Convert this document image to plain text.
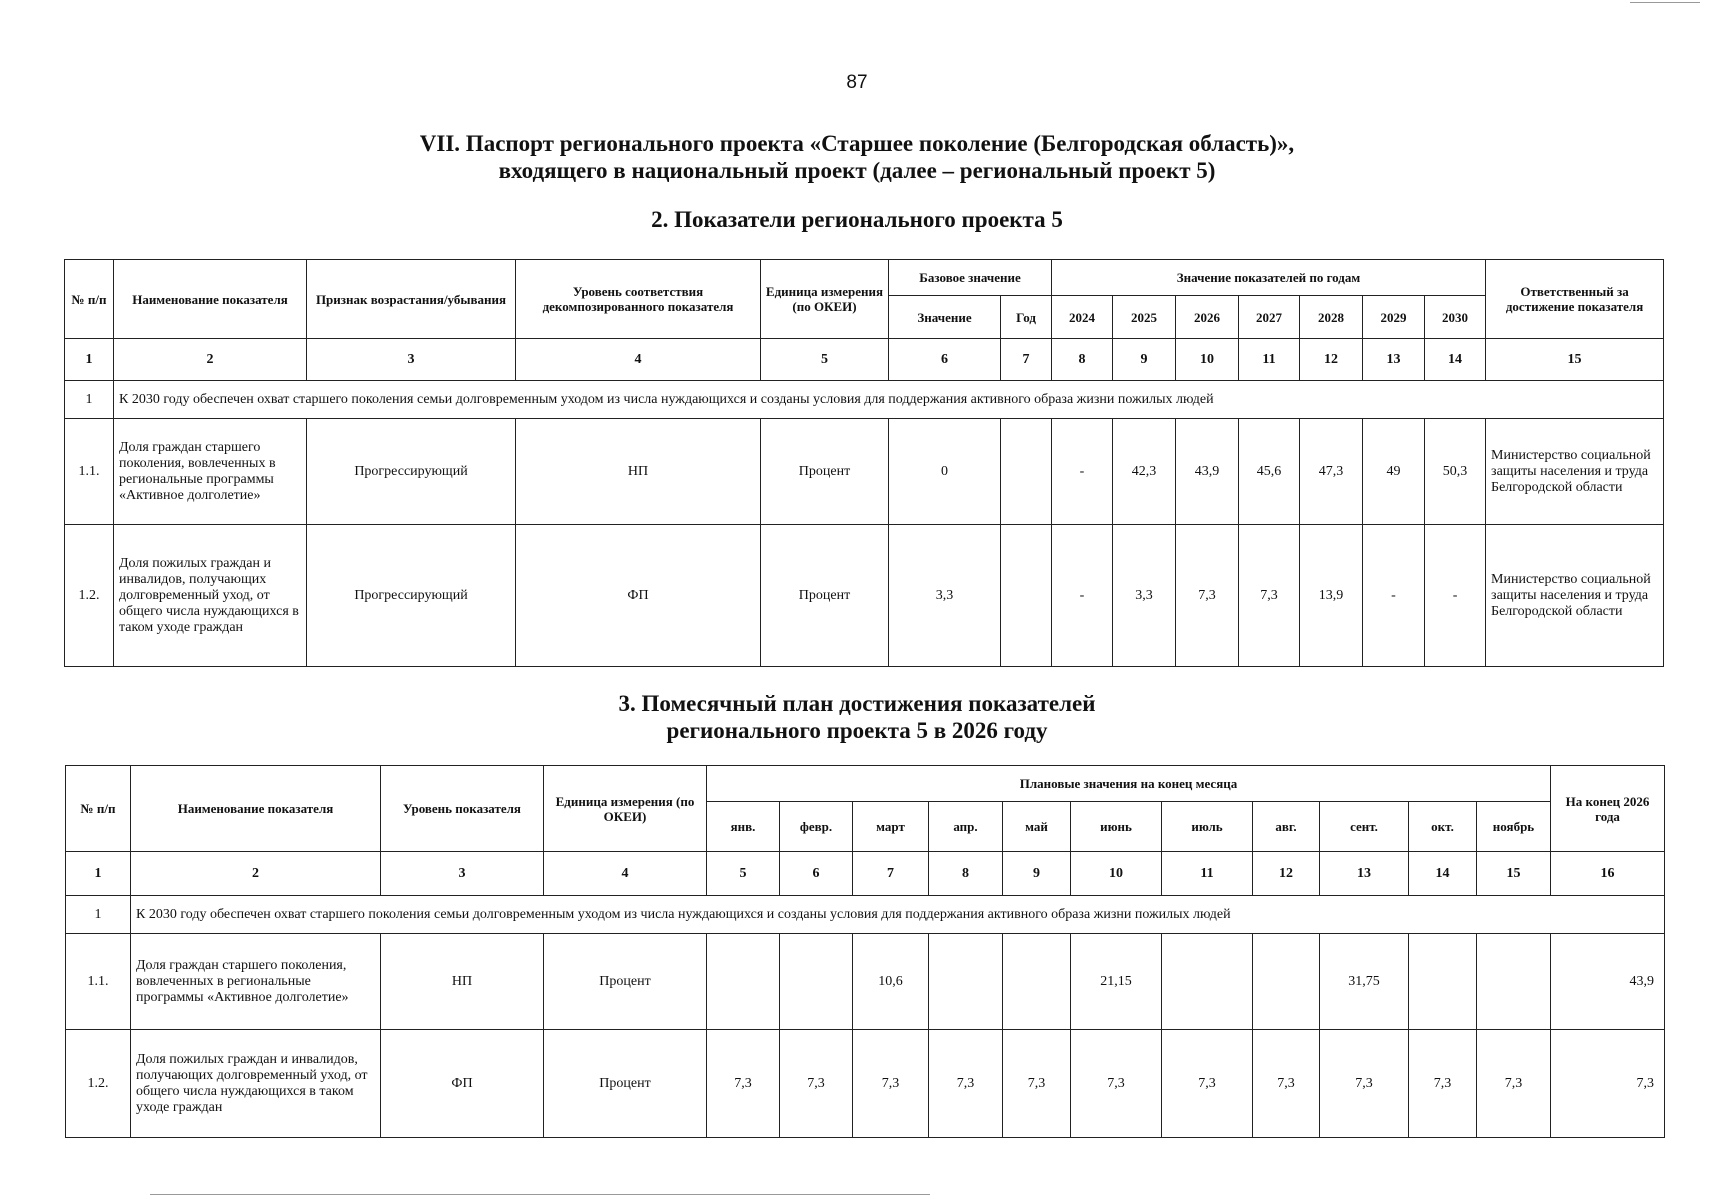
87
VII. Паспорт регионального проекта «Старшее поколение (Белгородская область)»,
входящего в национальный проект (далее – региональный проект 5)
2. Показатели регионального проекта 5
№ п/п	Наименование показателя	Признак возрастания/убывания	Уровень соответствия декомпозированного показателя	Единица измерения (по ОКЕИ)	Базовое значение		Значение показателей по годам							Ответственный за достижение показателя
					Значение	Год	2024	2025	2026	2027	2028	2029	2030	
1	2	3	4	5	6	7	8	9	10	11	12	13	14	15
1	К 2030 году обеспечен охват старшего поколения семьи долговременным уходом из числа нуждающихся и созданы условия для поддержания активного образа жизни пожилых людей													
1.1.	Доля граждан старшего поколения, вовлеченных в региональные программы «Активное долголетие»	Прогрессирующий	НП	Процент	0		-	42,3	43,9	45,6	47,3	49	50,3	Министерство социальной защиты населения и труда Белгородской области
1.2.	Доля пожилых граждан и инвалидов, получающих долговременный уход, от общего числа нуждающихся в таком уходе граждан	Прогрессирующий	ФП	Процент	3,3		-	3,3	7,3	7,3	13,9	-	-	Министерство социальной защиты населения и труда Белгородской области
3. Помесячный план достижения показателей
регионального проекта 5 в 2026 году
№ п/п	Наименование показателя	Уровень показателя	Единица измерения (по ОКЕИ)	Плановые значения на конец месяца											На конец 2026 года
				янв.	февр.	март	апр.	май	июнь	июль	авг.	сент.	окт.	ноябрь	
1	2	3	4	5	6	7	8	9	10	11	12	13	14	15	16
1	К 2030 году обеспечен охват старшего поколения семьи долговременным уходом из числа нуждающихся и созданы условия для поддержания активного образа жизни пожилых людей														
1.1.	Доля граждан старшего поколения, вовлеченных в региональные программы «Активное долголетие»	НП	Процент			10,6			21,15			31,75			43,9
1.2.	Доля пожилых граждан и инвалидов, получающих долговременный уход, от общего числа нуждающихся в таком уходе граждан	ФП	Процент	7,3	7,3	7,3	7,3	7,3	7,3	7,3	7,3	7,3	7,3	7,3	7,3
